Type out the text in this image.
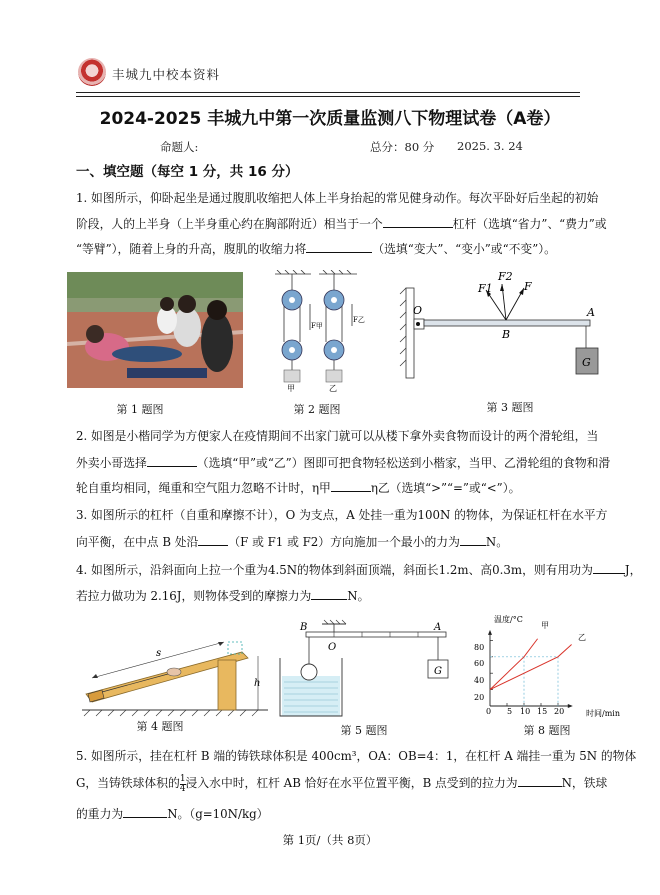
丰城九中校本资料
2024-2025 丰城九中第一次质量监测八下物理试卷（A卷）
命题人:	总分：80 分 2025. 3. 24
一、填空题（每空 1 分，共 16 分）
1. 如图所示，仰卧起坐是通过腹肌收缩把人体上半身抬起的常见健身动作。每次平卧好后坐起的初始
阶段，人的上半身（上半身重心约在胸部附近）相当于一个	杠杆（选填“省力”、“费力”或
“等臂”），随着上身的升高，腹肌的收缩力将	（选填“变大”、“变小”或“不变”）。
第 1 题图
F甲
F乙
甲	乙
第 2 题图
F1
F2
F
O
B
A
G
第 3 题图
2. 如图是小楷同学为方便家人在疫情期间不出家门就可以从楼下拿外卖食物而设计的两个滑轮组，当
外卖小哥选择	（选填“甲”或“乙”）图即可把食物轻松送到小楷家，当甲、乙滑轮组的食物和滑
轮自重均相同，绳重和空气阻力忽略不计时，η甲	η乙（选填“>”“=”或“<”）。
3. 如图所示的杠杆（自重和摩擦不计），O 为支点，A 处挂一重为100N 的物体，为保证杠杆在水平方
向平衡，在中点 B 处沿	（F 或 F1 或 F2）方向施加一个最小的力为 N。
4. 如图所示，沿斜面向上拉一个重为4.5N的物体到斜面顶端，斜面长1.2m、高0.3m，则有用功为	J，
若拉力做功为 2.16J，则物体受到的摩擦力为	N。
s
h
第 4 题图
B
O
A
G
第 5 题图
温度/°C
时间/min
80
60
40
20
0 5 10 15 20
甲
乙
第 8 题图
5. 如图所示，挂在杠杆 B 端的铸铁球体积是 400cm³，OA：OB=4：1，在杠杆 A 端挂一重为 5N 的物体
G，当铸铁球体积的 $\frac{1}{4}$ 浸入水中时，杠杆 AB 恰好在水平位置平衡，B 点受到的拉力为	N，铁球
的重力为	N。（g=10N/kg）
第 1页/（共 8页）
